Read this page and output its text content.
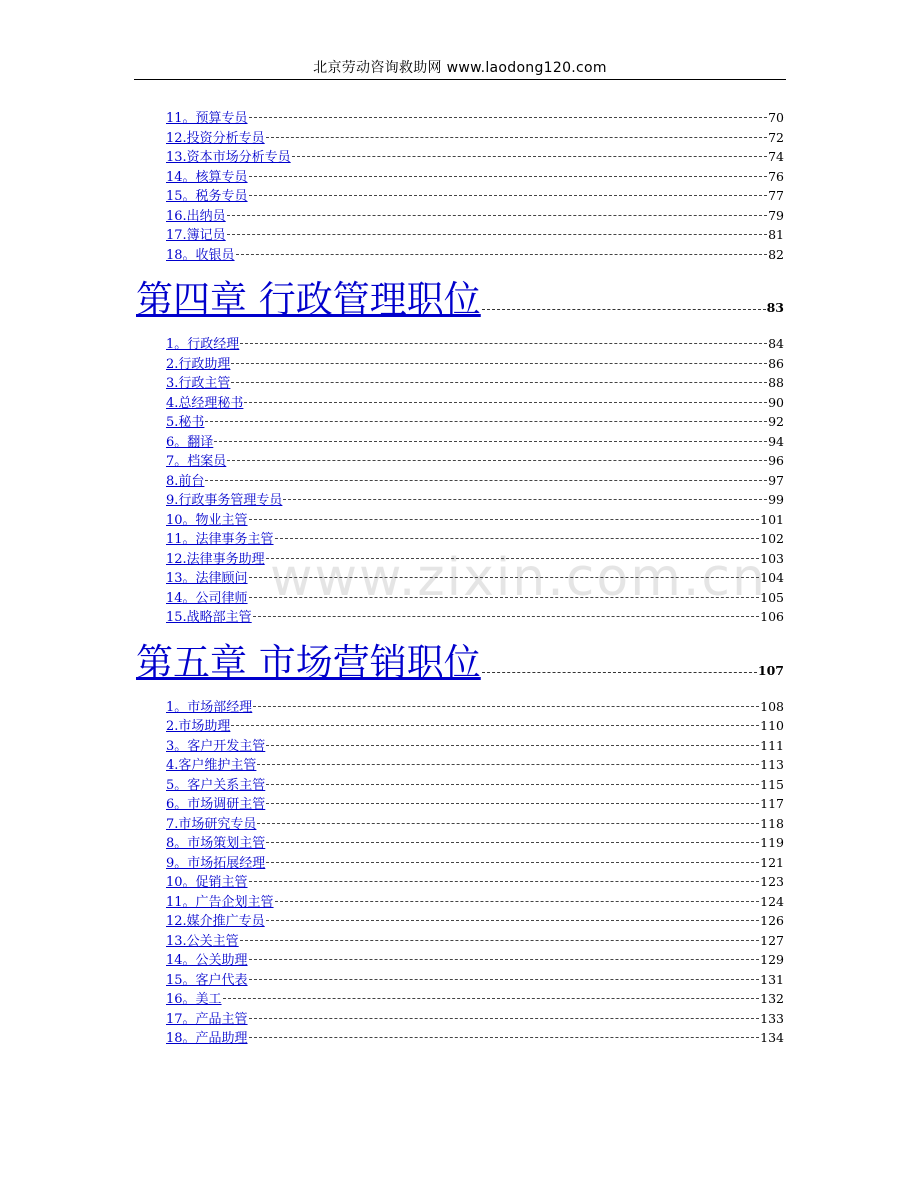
北京劳动咨询救助网 www.laodong120.com
www.zixin.com.cn
11。预算专员	70
12.投资分析专员	72
13.资本市场分析专员	74
14。核算专员	76
15。税务专员	77
16.出纳员	79
17.簿记员	81
18。收银员	82
第四章 行政管理职位	83
1。行政经理	84
2.行政助理	86
3.行政主管	88
4.总经理秘书	90
5.秘书	92
6。翻译	94
7。档案员	96
8.前台	97
9.行政事务管理专员	99
10。物业主管	101
11。法律事务主管	102
12.法律事务助理	103
13。法律顾问	104
14。公司律师	105
15.战略部主管	106
第五章 市场营销职位	107
1。市场部经理	108
2.市场助理	110
3。客户开发主管	111
4.客户维护主管	113
5。客户关系主管	115
6。市场调研主管	117
7.市场研究专员	118
8。市场策划主管	119
9。市场拓展经理	121
10。促销主管	123
11。广告企划主管	124
12.媒介推广专员	126
13.公关主管	127
14。公关助理	129
15。客户代表	131
16。美工	132
17。产品主管	133
18。产品助理	134
